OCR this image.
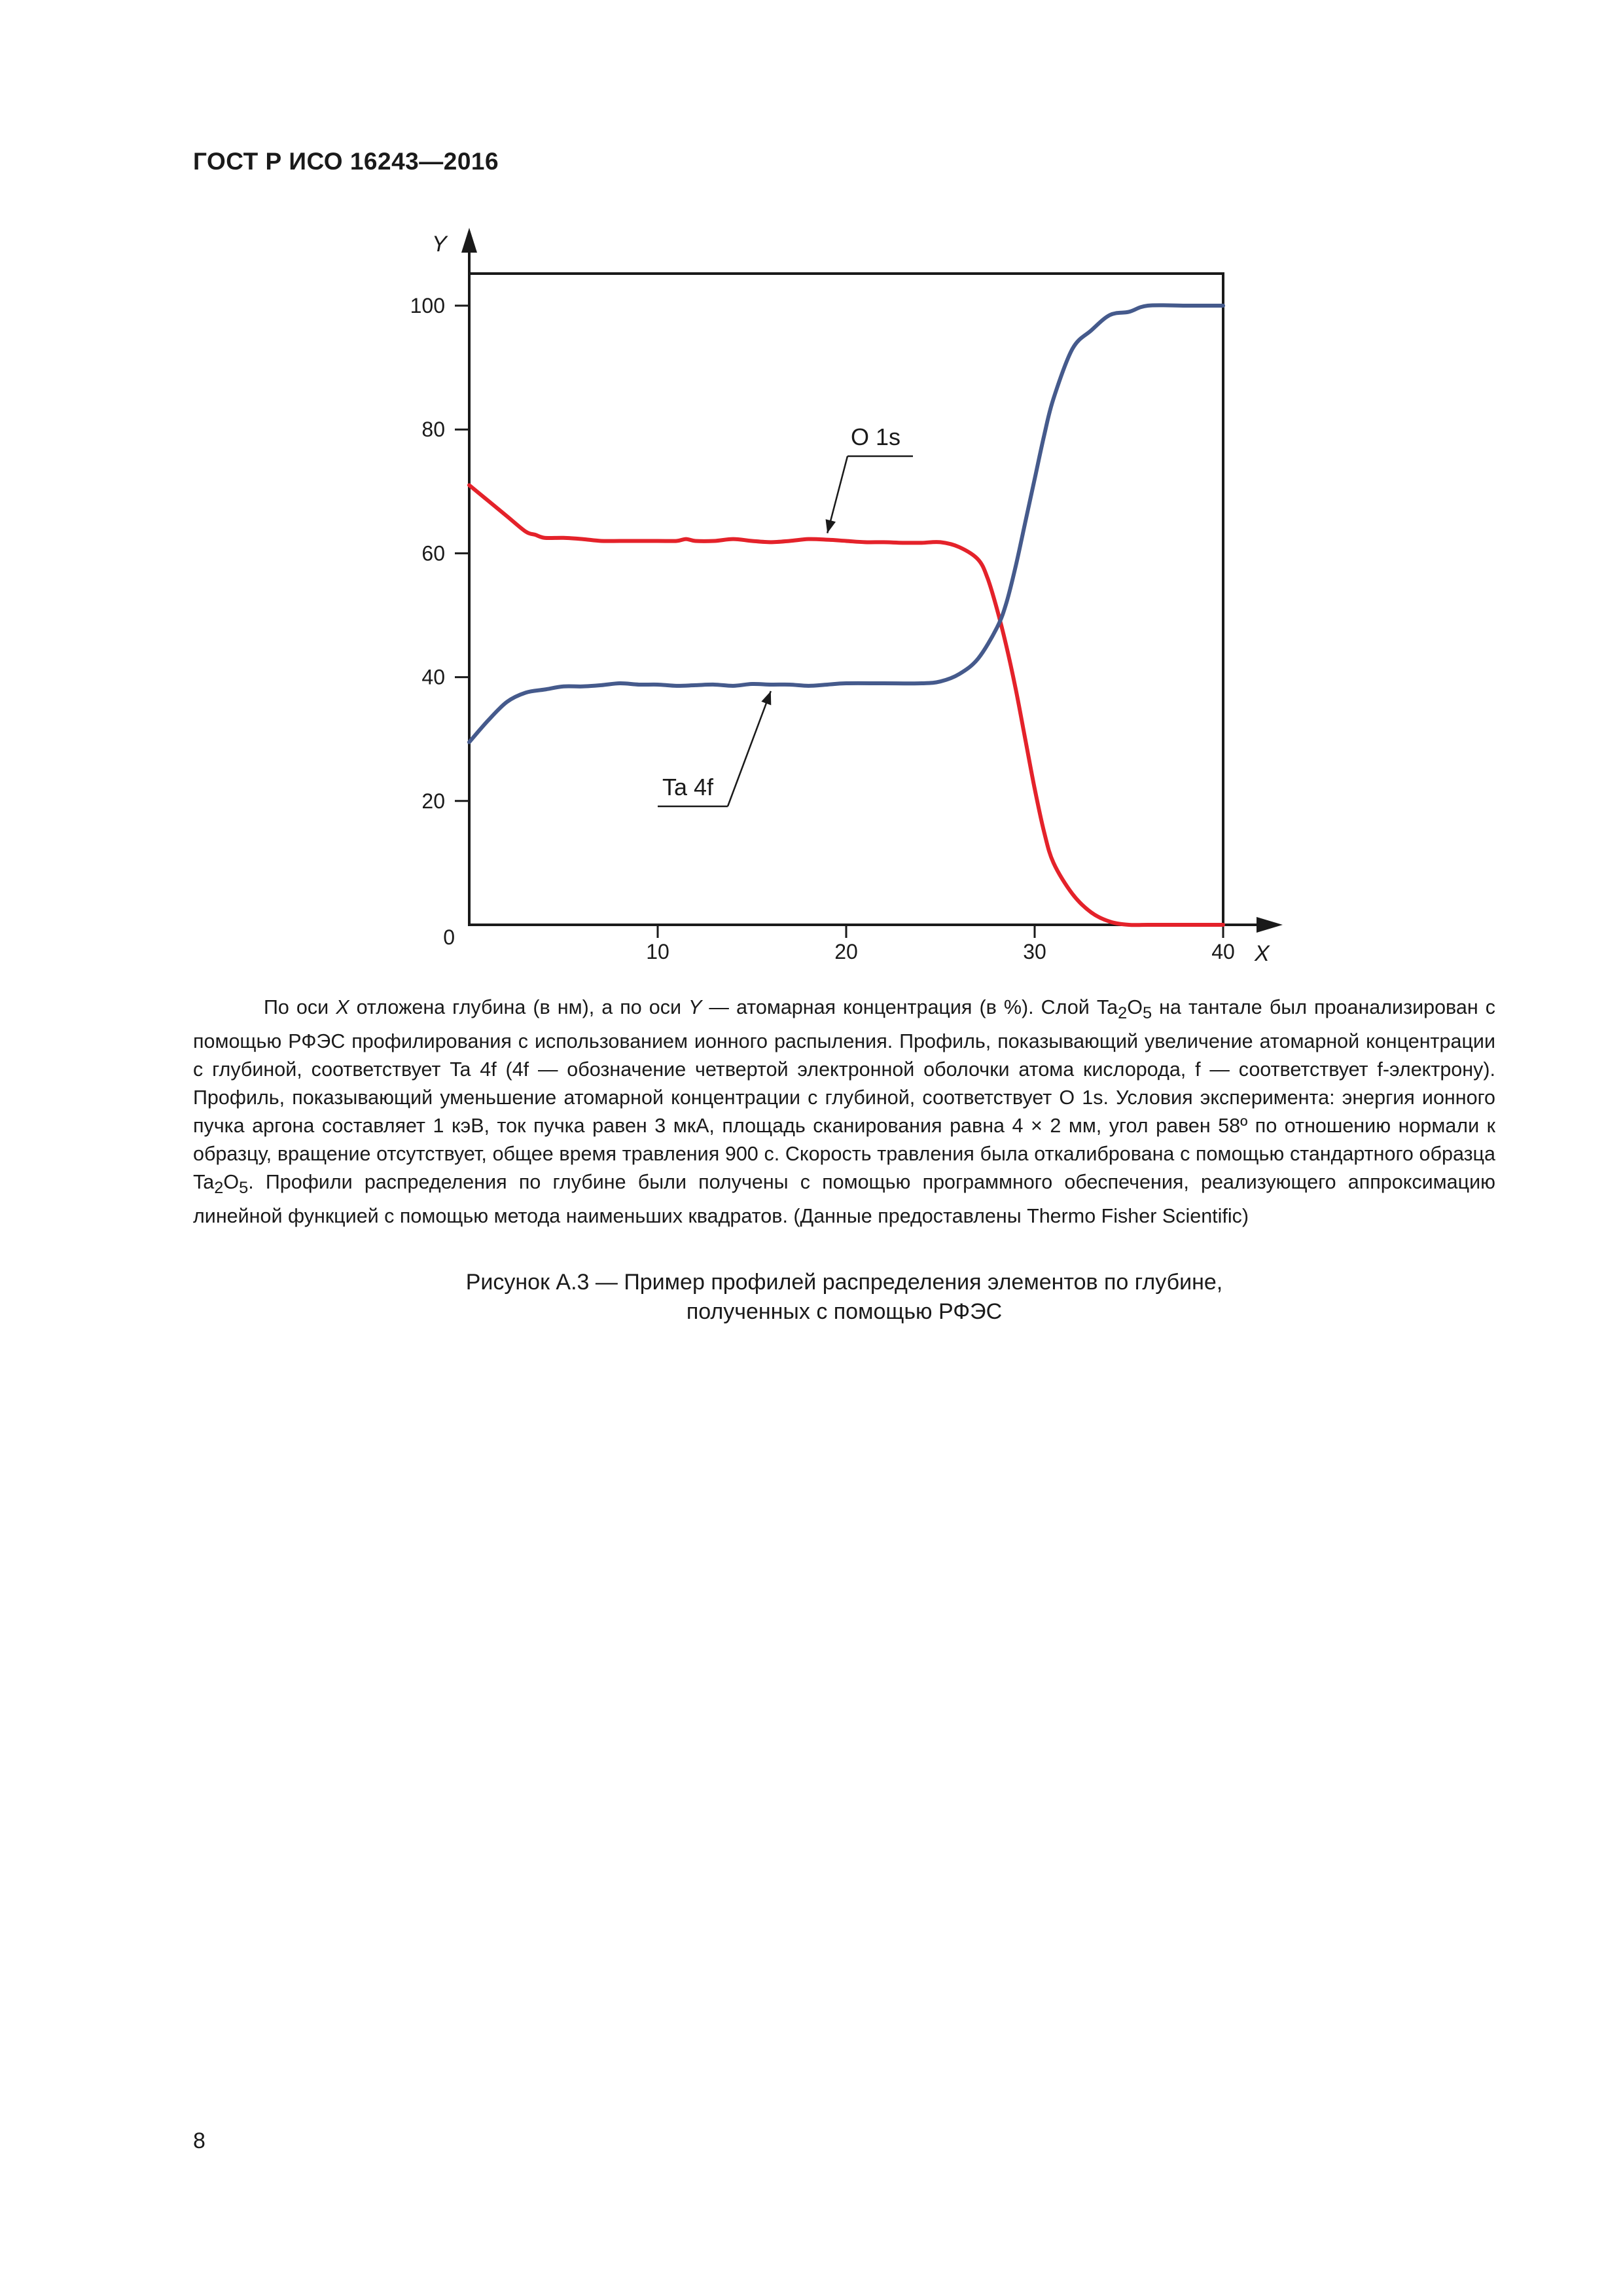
ГОСТ Р ИСО 16243—2016
Y
X
0
20
40
60
80
100
10	20	30	40
O 1s
Ta 4f

По оси X отложена глубина (в нм), а по оси Y — атомарная концентрация (в %). Слой $Ta_2O_5$ на тантале был проанализирован с помощью РФЭС профилирования с использованием ионного распыления. Профиль, показывающий увеличение атомарной концентрации с глубиной, соответствует Ta 4f (4f — обозначение четвертой электронной оболочки атома кислорода, f — соответствует f-электрону). Профиль, показывающий уменьшение атомарной концентрации с глубиной, соответствует O 1s. Условия эксперимента: энергия ионного пучка аргона составляет 1 кэВ, ток пучка равен 3 мкА, площадь сканирования равна 4 × 2 мм, угол равен 58º по отношению нормали к образцу, вращение отсутствует, общее время травления 900 с. Скорость травления была откалибрована с помощью стандартного образца $Ta_2O_5$. Профили распределения по глубине были получены с помощью программного обеспечения, реализующего аппроксимацию линейной функцией с помощью метода наименьших квадратов. (Данные предоставлены Thermo Fisher Scientific)

Рисунок А.3 — Пример профилей распределения элементов по глубине,
полученных с помощью РФЭС
8
